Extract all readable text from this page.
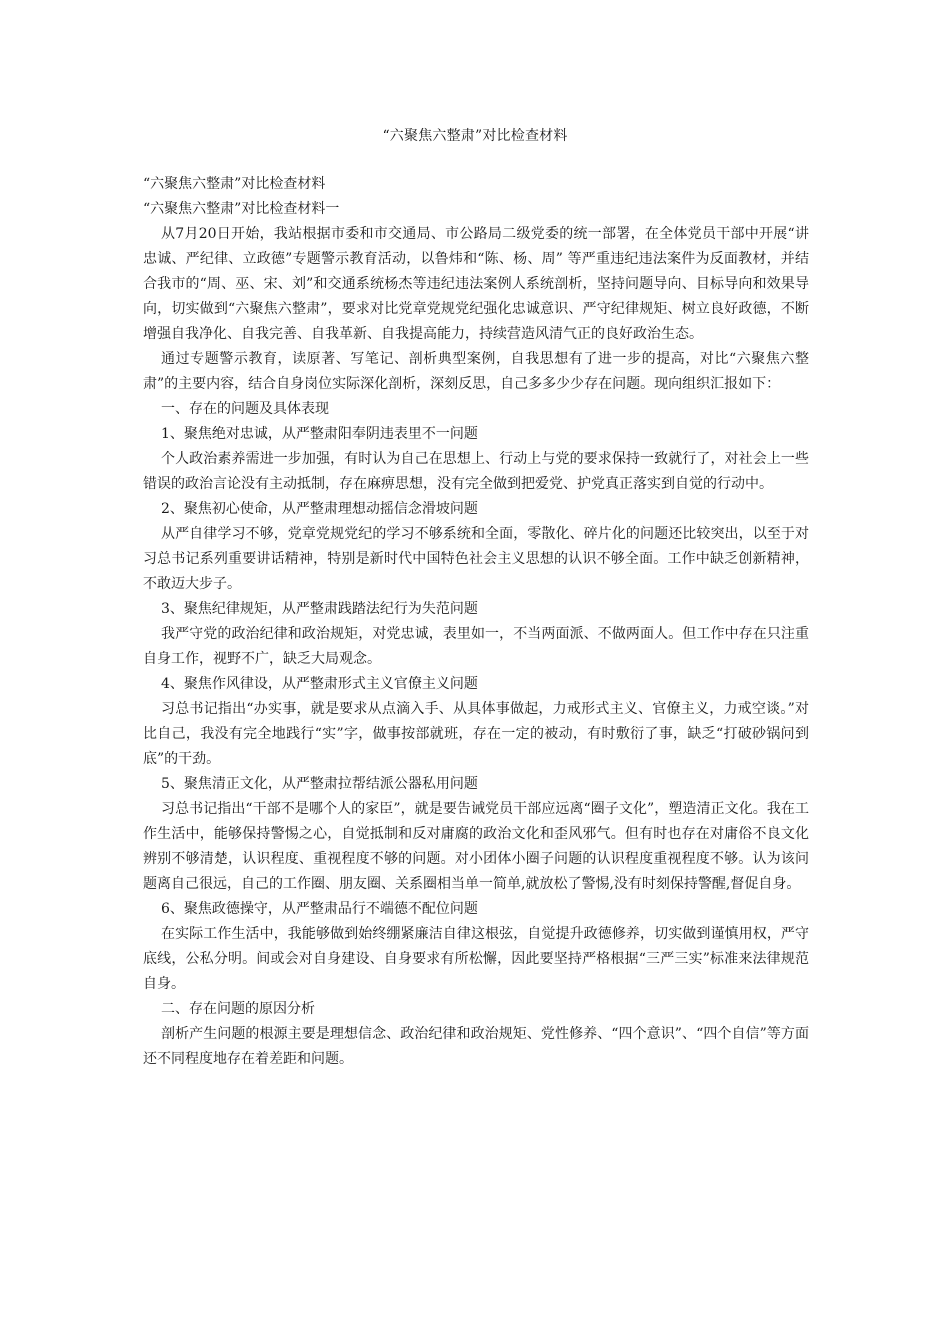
“六聚焦六整肃”对比检查材料

“六聚焦六整肃”对比检查材料

“六聚焦六整肃”对比检查材料一

从7月20日开始，我站根据市委和市交通局、市公路局二级党委的统一部署，在全体党员干部中开展“讲忠诚、严纪律、立政德”专题警示教育活动，以鲁炜和“陈、杨、周” 等严重违纪违法案件为反面教材，并结合我市的“周、巫、宋、刘”和交通系统杨杰等违纪违法案例人系统剖析，坚持问题导向、目标导向和效果导向，切实做到“六聚焦六整肃”，要求对比党章党规党纪强化忠诚意识、严守纪律规矩、树立良好政德，不断增强自我净化、自我完善、自我革新、自我提高能力，持续营造风清气正的良好政治生态。

通过专题警示教育，读原著、写笔记、剖析典型案例，自我思想有了进一步的提高，对比“六聚焦六整肃”的主要内容，结合自身岗位实际深化剖析，深刻反思，自己多多少少存在问题。现向组织汇报如下：

一、存在的问题及具体表现

1、聚焦绝对忠诚，从严整肃阳奉阴违表里不一问题

个人政治素养需进一步加强，有时认为自己在思想上、行动上与党的要求保持一致就行了，对社会上一些错误的政治言论没有主动抵制，存在麻痹思想，没有完全做到把爱党、护党真正落实到自觉的行动中。

2、聚焦初心使命，从严整肃理想动摇信念滑坡问题

从严自律学习不够，党章党规党纪的学习不够系统和全面，零散化、碎片化的问题还比较突出，以至于对习总书记系列重要讲话精神，特别是新时代中国特色社会主义思想的认识不够全面。工作中缺乏创新精神，不敢迈大步子。

3、聚焦纪律规矩，从严整肃践踏法纪行为失范问题

我严守党的政治纪律和政治规矩，对党忠诚，表里如一，不当两面派、不做两面人。但工作中存在只注重自身工作，视野不广，缺乏大局观念。

4、聚焦作风律设，从严整肃形式主义官僚主义问题

习总书记指出“办实事，就是要求从点滴入手、从具体事做起，力戒形式主义、官僚主义，力戒空谈。”对比自己，我没有完全地践行“实”字，做事按部就班，存在一定的被动，有时敷衍了事，缺乏“打破砂锅问到底”的干劲。

5、聚焦清正文化，从严整肃拉帮结派公器私用问题

习总书记指出“干部不是哪个人的家臣”，就是要告诫党员干部应远离“圈子文化”，塑造清正文化。我在工作生活中，能够保持警惕之心，自觉抵制和反对庸腐的政治文化和歪风邪气。但有时也存在对庸俗不良文化辨别不够清楚，认识程度、重视程度不够的问题。对小团体小圈子问题的认识程度重视程度不够。认为该问题离自己很远，自己的工作圈、朋友圈、关系圈相当单一简单,就放松了警惕,没有时刻保持警醒,督促自身。

6、聚焦政德操守，从严整肃品行不端德不配位问题

在实际工作生活中，我能够做到始终绷紧廉洁自律这根弦，自觉提升政德修养，切实做到谨慎用权，严守底线，公私分明。间或会对自身建设、自身要求有所松懈，因此要坚持严格根据“三严三实”标准来法律规范自身。

二、存在问题的原因分析

剖析产生问题的根源主要是理想信念、政治纪律和政治规矩、党性修养、“四个意识”、“四个自信”等方面还不同程度地存在着差距和问题。
